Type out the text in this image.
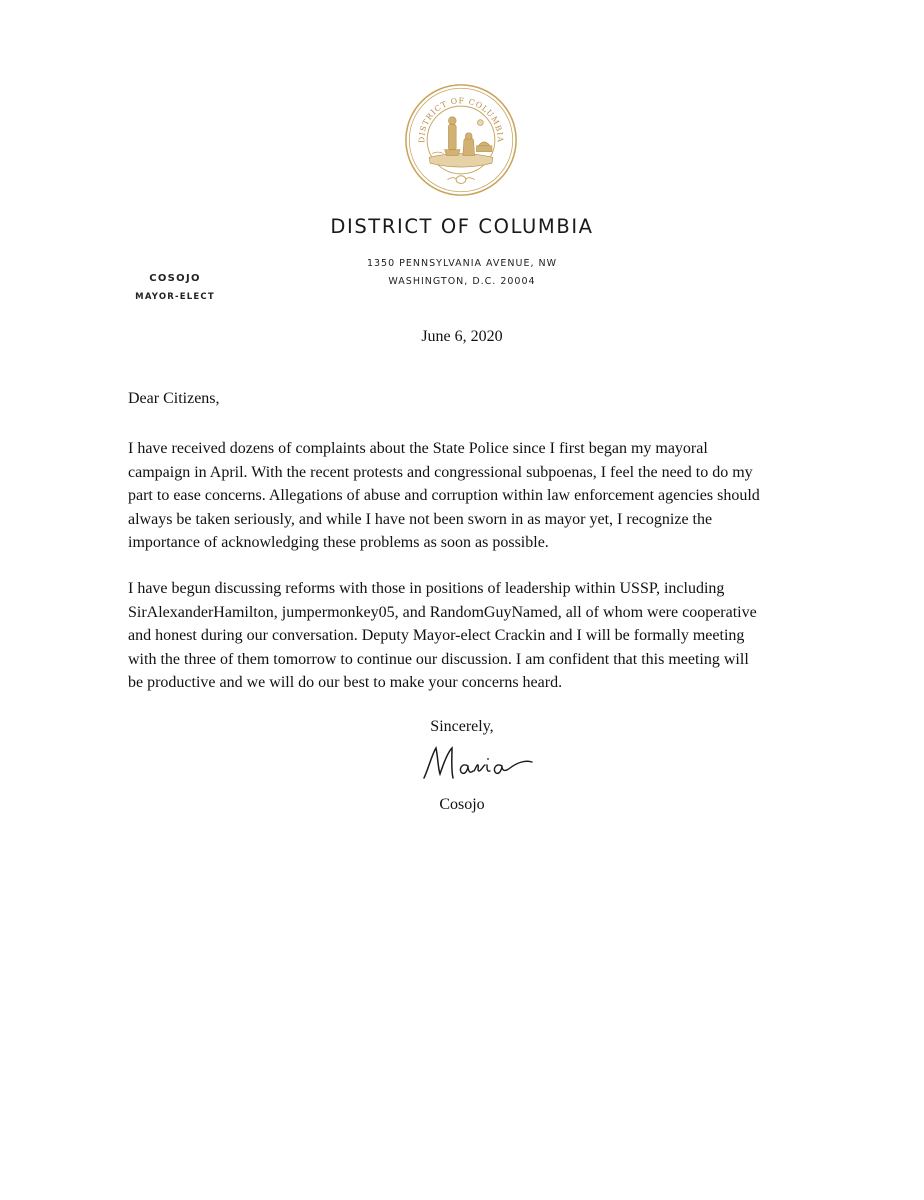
DISTRICT OF COLUMBIA
DISTRICT OF COLUMBIA
1350 PENNSYLVANIA AVENUE, NW
WASHINGTON, D.C. 20004
COSOJO
MAYOR-ELECT
June 6, 2020
Dear Citizens,
I have received dozens of complaints about the State Police since I first began my mayoral
campaign in April. With the recent protests and congressional subpoenas, I feel the need to do my
part to ease concerns. Allegations of abuse and corruption within law enforcement agencies should
always be taken seriously, and while I have not been sworn in as mayor yet, I recognize the
importance of acknowledging these problems as soon as possible.
I have begun discussing reforms with those in positions of leadership within USSP, including
SirAlexanderHamilton, jumpermonkey05, and RandomGuyNamed, all of whom were cooperative
and honest during our conversation. Deputy Mayor-elect Crackin and I will be formally meeting
with the three of them tomorrow to continue our discussion. I am confident that this meeting will
be productive and we will do our best to make your concerns heard.
Sincerely,
Cosojo
